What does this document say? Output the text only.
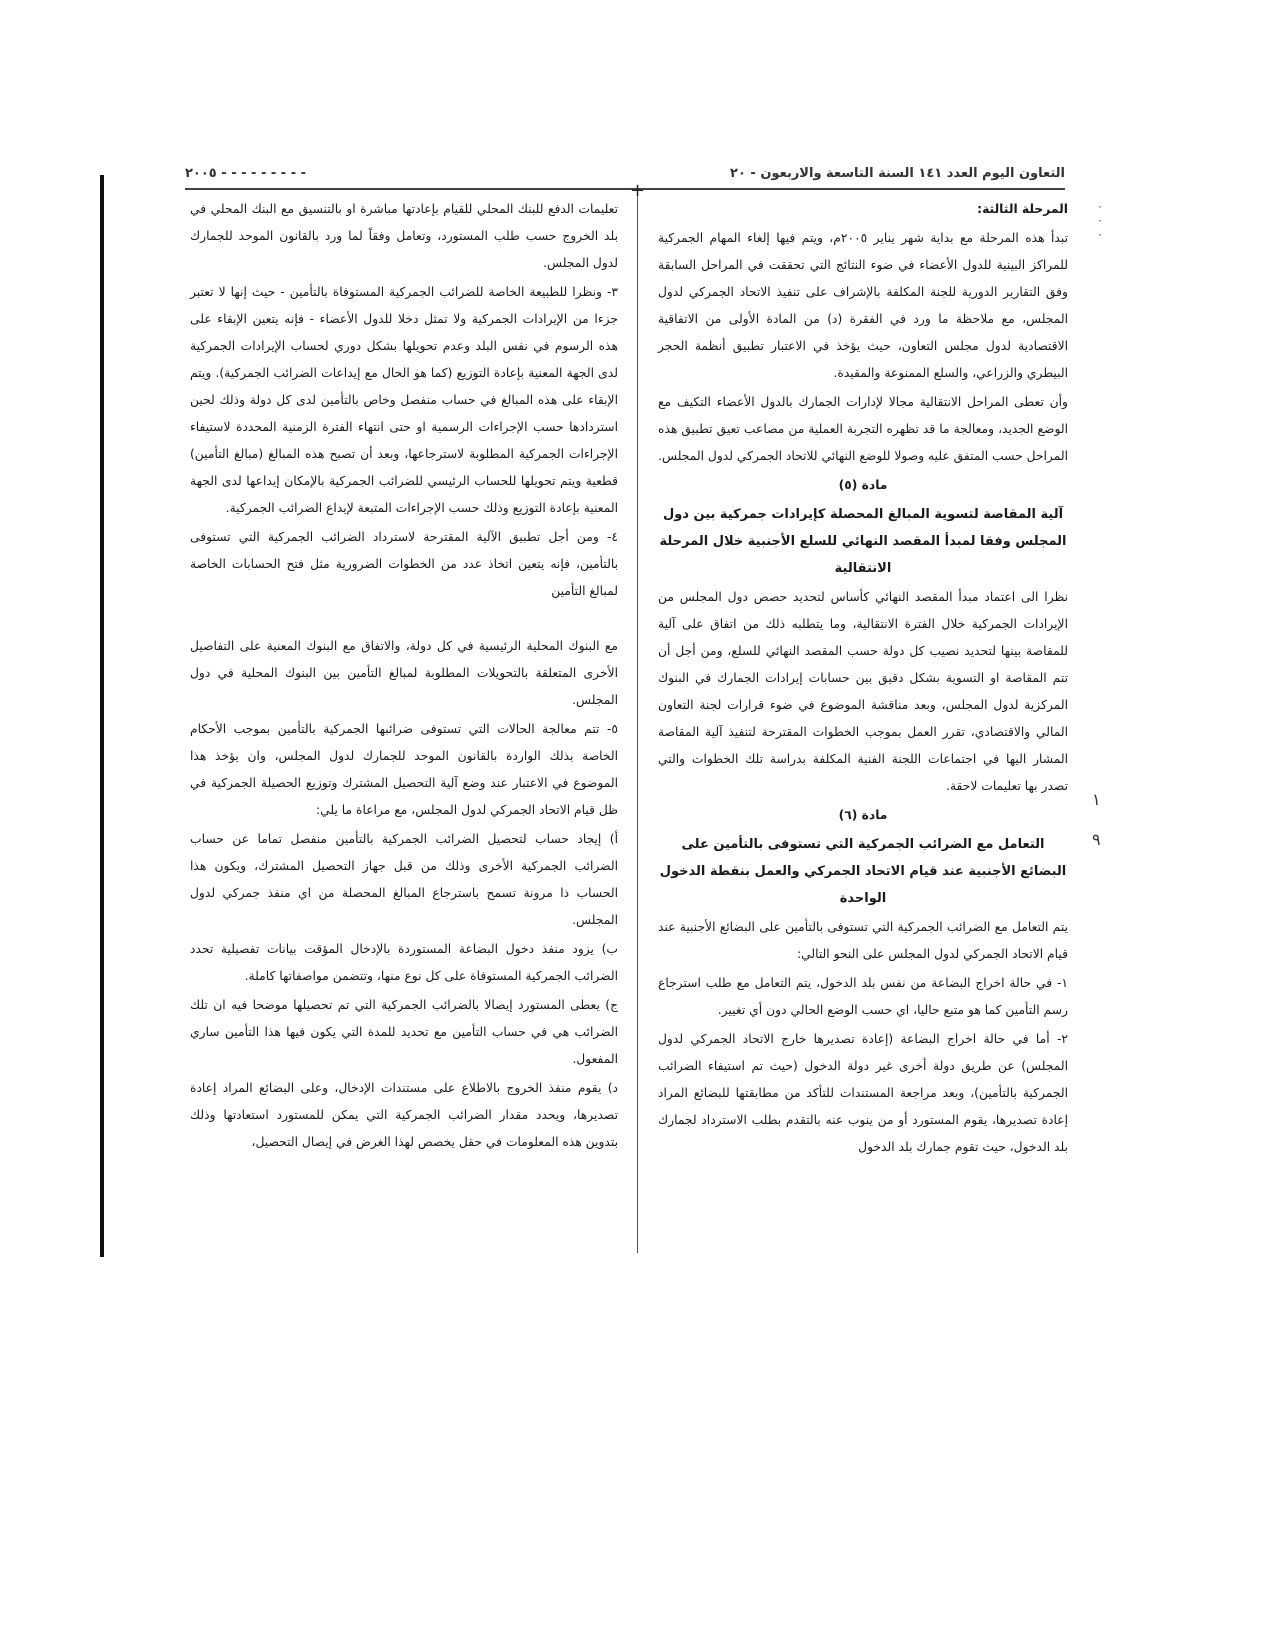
التعاون اليوم العدد ١٤١ السنة التاسعة والاربعون - ٢٠
- - - - - - - - - ٢٠٠٥
+
·
·
·

المرحلة الثالثة:

تبدأ هذه المرحلة مع بداية شهر يناير ٢٠٠٥م، ويتم فيها إلغاء المهام الجمركية للمراكز البينية للدول الأعضاء في ضوء النتائج التي تحققت في المراحل السابقة وفق التقارير الدورية للجنة المكلفة بالإشراف على تنفيذ الاتحاد الجمركي لدول المجلس، مع ملاحظة ما ورد في الفقرة (د) من المادة الأولى من الاتفاقية الاقتصادية لدول مجلس التعاون، حيث يؤخذ في الاعتبار تطبيق أنظمة الحجر البيطري والزراعي، والسلع الممنوعة والمقيدة.

وأن تعطى المراحل الانتقالية مجالا لإدارات الجمارك بالدول الأعضاء التكيف مع الوضع الجديد، ومعالجة ما قد تظهره التجربة العملية من مصاعب تعيق تطبيق هذه المراحل حسب المتفق عليه وصولا للوضع النهائي للاتحاد الجمركي لدول المجلس.

مادة (٥)

آلية المقاصة لتسوية المبالغ المحصلة كإيرادات جمركية بين دول المجلس وفقا لمبدأ المقصد النهائي للسلع الأجنبية خلال المرحلة الانتقالية

نظرا الى اعتماد مبدأ المقصد النهائي كأساس لتحديد حصص دول المجلس من الإيرادات الجمركية خلال الفترة الانتقالية، وما يتطلبه ذلك من اتفاق على آلية للمقاصة بينها لتحديد نصيب كل دولة حسب المقصد النهائي للسلع، ومن أجل أن تتم المقاصة او التسوية بشكل دقيق بين حسابات إيرادات الجمارك في البنوك المركزية لدول المجلس، وبعد مناقشة الموضوع في ضوء قرارات لجنة التعاون المالي والاقتصادي، تقرر العمل بموجب الخطوات المقترحة لتنفيذ آلية المقاصة المشار اليها في اجتماعات اللجنة الفنية المكلفة بدراسة تلك الخطوات والتي تصدر بها تعليمات لاحقة.

مادة (٦)

التعامل مع الضرائب الجمركية التي تستوفى بالتأمين على البضائع الأجنبية عند قيام الاتحاد الجمركي والعمل بنقطة الدخول الواحدة

يتم التعامل مع الضرائب الجمركية التي تستوفى بالتأمين على البضائع الأجنبية عند قيام الاتحاد الجمركي لدول المجلس على النحو التالي:

١- في حالة اخراج البضاعة من نفس بلد الدخول، يتم التعامل مع طلب استرجاع رسم التأمين كما هو متبع حاليا، اي حسب الوضع الحالي دون أي تغيير.

٢- أما في حالة اخراج البضاعة (إعادة تصديرها خارج الاتحاد الجمركي لدول المجلس) عن طريق دولة أخرى غير دولة الدخول (حيث تم استيفاء الضرائب الجمركية بالتأمين)، وبعد مراجعة المستندات للتأكد من مطابقتها للبضائع المراد إعادة تصديرها، يقوم المستورد أو من ينوب عنه بالتقدم بطلب الاسترداد لجمارك بلد الدخول، حيث تقوم جمارك بلد الدخول

تعليمات الدفع للبنك المحلي للقيام بإعادتها مباشرة او بالتنسيق مع البنك المحلي في بلد الخروج حسب طلب المستورد، وتعامل وفقاً لما ورد بالقانون الموحد للجمارك لدول المجلس.

٣- ونظرا للطبيعة الخاصة للضرائب الجمركية المستوفاة بالتأمين - حيث إنها لا تعتبر جزءا من الإيرادات الجمركية ولا تمثل دخلا للدول الأعضاء - فإنه يتعين الإبقاء على هذه الرسوم في نفس البلد وعدم تحويلها بشكل دوري لحساب الإيرادات الجمركية لدى الجهة المعنية بإعادة التوزيع (كما هو الحال مع إيداعات الضرائب الجمركية). ويتم الإبقاء على هذه المبالغ في حساب منفصل وخاص بالتأمين لدى كل دولة وذلك لحين استردادها حسب الإجراءات الرسمية او حتى انتهاء الفترة الزمنية المحددة لاستيفاء الإجراءات الجمركية المطلوبة لاسترجاعها، وبعد أن تصبح هذه المبالغ (مبالغ التأمين) قطعية ويتم تحويلها للحساب الرئيسي للضرائب الجمركية بالإمكان إيداعها لدى الجهة المعنية بإعادة التوزيع وذلك حسب الإجراءات المتبعة لإيداع الضرائب الجمركية.

٤- ومن أجل تطبيق الآلية المقترحة لاسترداد الضرائب الجمركية التي تستوفى بالتأمين، فإنه يتعين اتخاذ عدد من الخطوات الضرورية مثل فتح الحسابات الخاصة لمبالغ التأمين

مع البنوك المحلية الرئيسية في كل دولة، والاتفاق مع البنوك المعنية على التفاصيل الأخرى المتعلقة بالتحويلات المطلوبة لمبالغ التأمين بين البنوك المحلية في دول المجلس.

٥- تتم معالجة الحالات التي تستوفى ضرائبها الجمركية بالتأمين بموجب الأحكام الخاصة بذلك الواردة بالقانون الموحد للجمارك لدول المجلس، وان يؤخذ هذا الموضوع في الاعتبار عند وضع آلية التحصيل المشترك وتوزيع الحصيلة الجمركية في ظل قيام الاتحاد الجمركي لدول المجلس، مع مراعاة ما يلي:

أ) إيجاد حساب لتحصيل الضرائب الجمركية بالتأمين منفصل تماما عن حساب الضرائب الجمركية الأخرى وذلك من قبل جهاز التحصيل المشترك، ويكون هذا الحساب ذا مرونة تسمح باسترجاع المبالغ المحصلة من اي منفذ جمركي لدول المجلس.

ب) يزود منفذ دخول البضاعة المستوردة بالإدخال المؤقت بيانات تفصيلية تحدد الضرائب الجمركية المستوفاة على كل نوع منها، وتتضمن مواصفاتها كاملة.

ج) يعطى المستورد إيصالا بالضرائب الجمركية التي تم تحصيلها موضحا فيه ان تلك الضرائب هي في حساب التأمين مع تحديد للمدة التي يكون فيها هذا التأمين ساري المفعول.

د) يقوم منفذ الخروج بالاطلاع على مستندات الإدخال، وعلى البضائع المراد إعادة تصديرها، ويحدد مقدار الضرائب الجمركية التي يمكن للمستورد استعادتها وذلك بتدوين هذه المعلومات في حقل يخصص لهذا الغرض في إيصال التحصيل،

١
٩
